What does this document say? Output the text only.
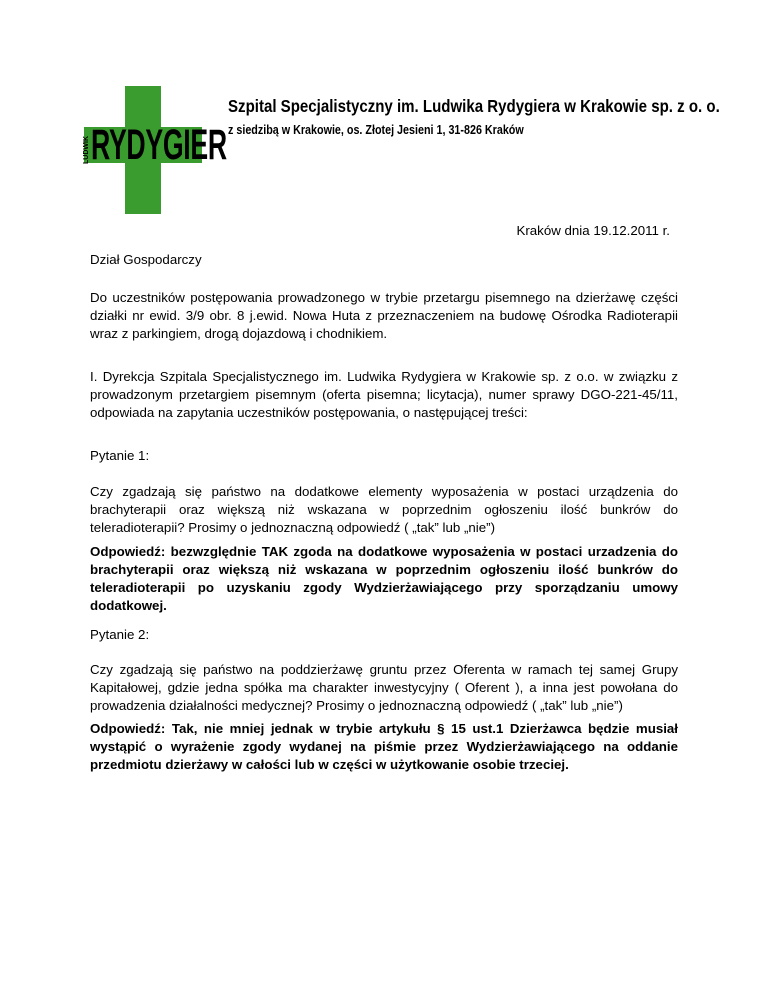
RYDYGIER
LUDWIK
Szpital Specjalistyczny im. Ludwika Rydygiera w Krakowie sp. z o. o.
z siedzibą w Krakowie, os. Złotej Jesieni 1, 31-826 Kraków
Kraków dnia 19.12.2011 r.

Dział Gospodarczy

Do uczestników postępowania prowadzonego w trybie przetargu pisemnego na dzierżawę części działki nr ewid. 3/9 obr. 8 j.ewid. Nowa Huta z przeznaczeniem na budowę Ośrodka Radioterapii wraz z parkingiem, drogą dojazdową i chodnikiem.

I. Dyrekcja Szpitala Specjalistycznego im. Ludwika Rydygiera w Krakowie sp. z o.o. w związku z prowadzonym przetargiem pisemnym (oferta pisemna; licytacja), numer sprawy DGO-221-45/11, odpowiada na zapytania uczestników postępowania, o następującej treści:

Pytanie 1:

Czy zgadzają się państwo na dodatkowe elementy wyposażenia w postaci urządzenia do brachyterapii oraz większą niż wskazana w poprzednim ogłoszeniu ilość bunkrów do teleradioterapii? Prosimy o jednoznaczną odpowiedź ( „tak” lub „nie”)

Odpowiedź: bezwzględnie TAK zgoda na dodatkowe wyposażenia w postaci urzadzenia do brachyterapii oraz większą niż wskazana w poprzednim ogłoszeniu ilość bunkrów do teleradioterapii po uzyskaniu zgody Wydzierżawiającego przy sporządzaniu umowy dodatkowej.

Pytanie 2:

Czy zgadzają się państwo na poddzierżawę gruntu przez Oferenta w ramach tej samej Grupy Kapitałowej, gdzie jedna spółka ma charakter inwestycyjny ( Oferent ), a inna jest powołana do prowadzenia działalności medycznej? Prosimy o jednoznaczną odpowiedź ( „tak” lub „nie”)

Odpowiedź: Tak, nie mniej jednak w trybie artykułu § 15 ust.1 Dzierżawca będzie musiał wystąpić o wyrażenie zgody wydanej na piśmie przez Wydzierżawiającego na oddanie przedmiotu dzierżawy w całości lub w części w użytkowanie osobie trzeciej.
